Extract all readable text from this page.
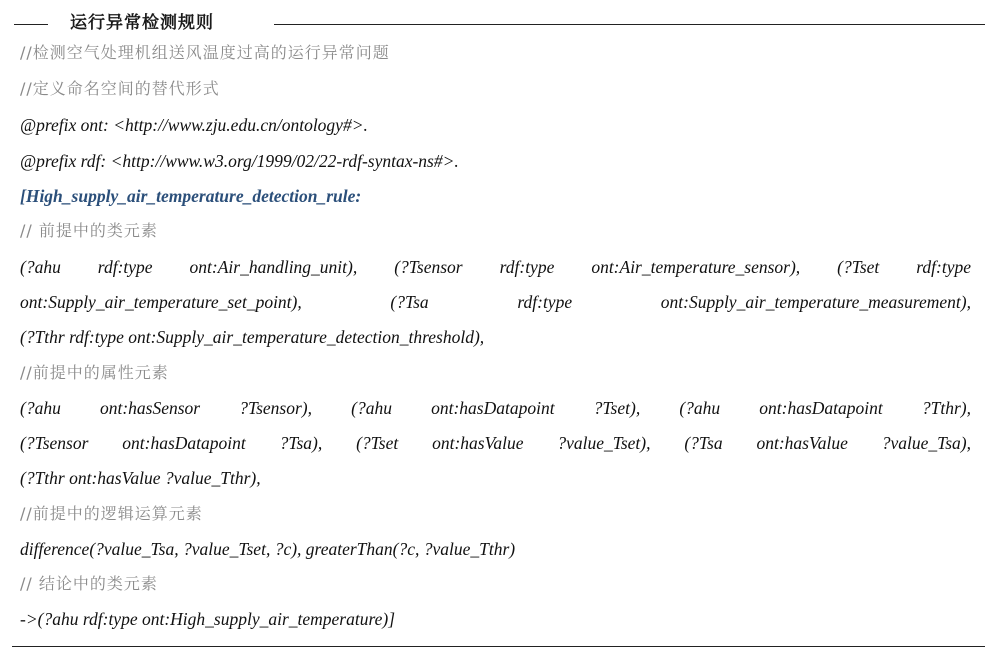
运行异常检测规则
//检测空气处理机组送风温度过高的运行异常问题
//定义命名空间的替代形式
@prefix ont: <http://www.zju.edu.cn/ontology#>.
@prefix rdf: <http://www.w3.org/1999/02/22-rdf-syntax-ns#>.
[High_supply_air_temperature_detection_rule:
// 前提中的类元素
(?ahu rdf:type ont:Air_handling_unit), (?Tsensor rdf:type ont:Air_temperature_sensor), (?Tset rdf:type
ont:Supply_air_temperature_set_point), (?Tsa rdf:type ont:Supply_air_temperature_measurement),
(?Tthr rdf:type ont:Supply_air_temperature_detection_threshold),
//前提中的属性元素
(?ahu ont:hasSensor ?Tsensor), (?ahu ont:hasDatapoint ?Tset), (?ahu ont:hasDatapoint ?Tthr),
(?Tsensor ont:hasDatapoint ?Tsa), (?Tset ont:hasValue ?value_Tset), (?Tsa ont:hasValue ?value_Tsa),
(?Tthr ont:hasValue ?value_Tthr),
//前提中的逻辑运算元素
difference(?value_Tsa, ?value_Tset, ?c), greaterThan(?c, ?value_Tthr)
// 结论中的类元素
->(?ahu rdf:type ont:High_supply_air_temperature)]
